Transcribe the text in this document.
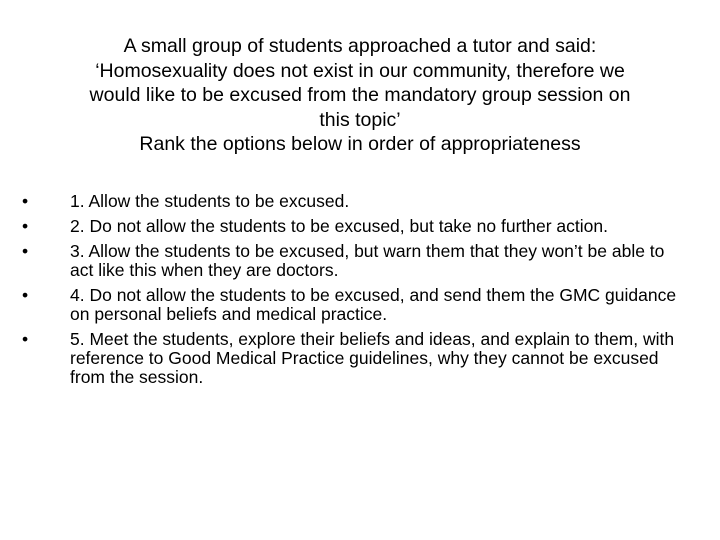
A small group of students approached a tutor and said:
‘Homosexuality does not exist in our community, therefore we
would like to be excused from the mandatory group session on
this topic’
Rank the options below in order of appropriateness
•	1. Allow the students to be excused.
•	2. Do not allow the students to be excused, but take no further action.
•	3. Allow the students to be excused, but warn them that they won’t be able to act like this when they are doctors.
•	4. Do not allow the students to be excused, and send them the GMC guidance on personal beliefs and medical practice.
•	5. Meet the students, explore their beliefs and ideas, and explain to them, with reference to Good Medical Practice guidelines, why they cannot be excused from the session.
